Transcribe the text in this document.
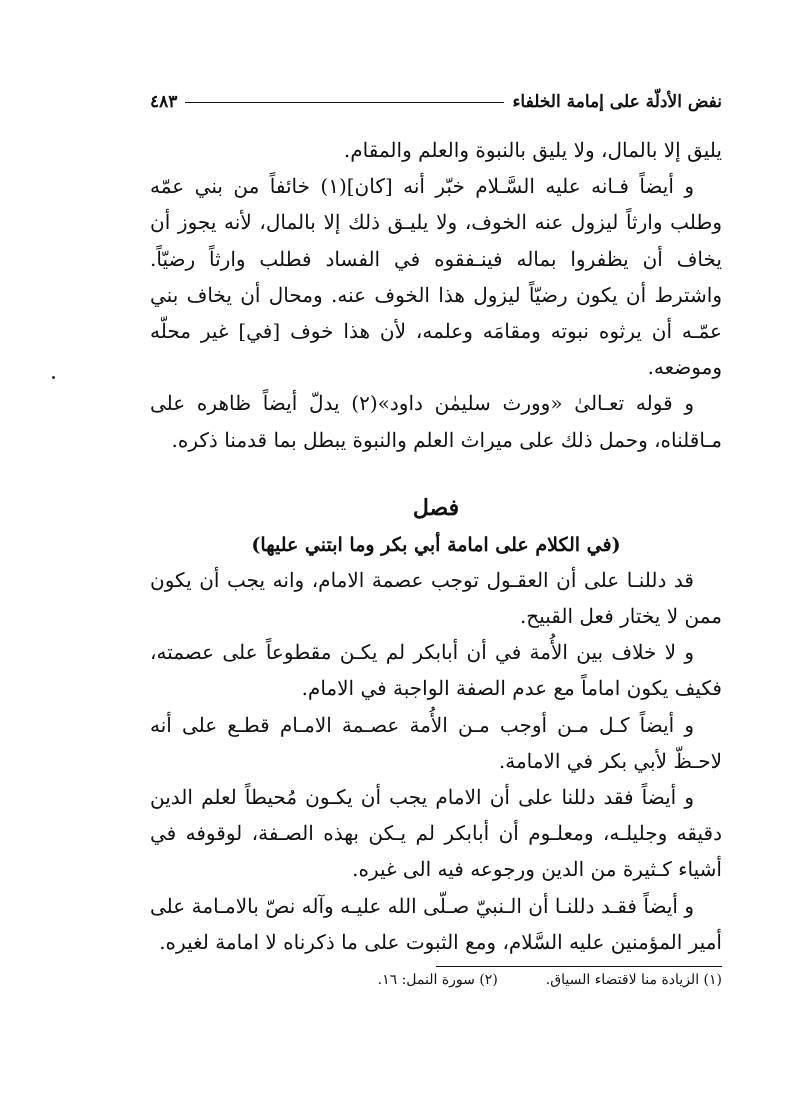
نفض الأدلّة على إمامة الخلفاء
٤٨٣

يليق إلا بالمال، ولا يليق بالنبوة والعلم والمقام.

و أيضاً فـانه عليه السَّـلام خبّر أنه [كان](١) خائفاً من بني عمّه وطلب وارثاً ليزول عنه الخوف، ولا يليـق ذلك إلا بالمال، لأنه يجوز أن يخاف أن يظفروا بماله فينـفقوه في الفساد فطلب وارثاً رضيّاً. واشترط أن يكون رضيّاً ليزول هذا الخوف عنه. ومحال أن يخاف بني عمّـه أن يرثوه نبوته ومقامَه وعلمه، لأن هذا خوف [في] غير محلّه وموضعه.

و قوله تعـالىٰ «وورث سليمٰن داود»(٢) يدلّ أيضاً ظاهره على مـاقلناه، وحمل ذلك على ميراث العلم والنبوة يبطل بما قدمنا ذكره.

فصل
(في الكلام على امامة أبي بكر وما ابتني عليها)

قد دللنـا على أن العقـول توجب عصمة الامام، وانه يجب أن يكون ممن لا يختار فعل القبيح.

و لا خلاف بين الأُمة في أن أبابكر لم يكـن مقطوعاً على عصمته، فكيف يكون اماماً مع عدم الصفة الواجبة في الامام.

و أيضاً كـل مـن أوجب مـن الأُمة عصـمة الامـام قطـع على أنه لاحـظّ لأبي بكر في الامامة.

و أيضاً فقد دللنا على أن الامام يجب أن يكـون مُحيطاً لعلم الدين دقيقه وجليلـه، ومعلـوم أن أبابكر لم يـكن بهذه الصـفة، لوقوفه في أشياء كـثيرة من الدين ورجوعه فيه الى غيره.

و أيضاً فقـد دللنـا أن الـنبيّ صـلّى الله عليـه وآله نصّ بالامـامة على أمير المؤمنين عليه السَّلام، ومع الثبوت على ما ذكرناه لا امامة لغيره.

(١) الزيادة منا لاقتضاء السياق.
(٢) سورة النمل: ١٦.
